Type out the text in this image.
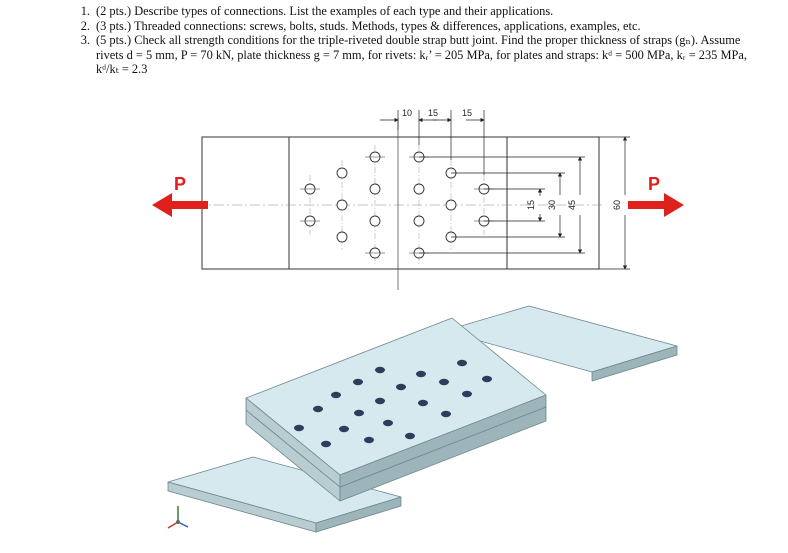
1. (2 pts.) Describe types of connections. List the examples of each type and their applications.
2. (3 pts.) Threaded connections: screws, bolts, studs. Methods, types & differences, applications, examples, etc.
3. (5 pts.) Check all strength conditions for the triple-riveted double strap butt joint. Find the proper thickness of straps (gₙ). Assume rivets d = 5 mm, P = 70 kN, plate thickness g = 7 mm, for rivets: kᵣ’ = 205 MPa, for plates and straps: kᵈ = 500 MPa, kᵣ = 235 MPa, kᵈ/kₜ = 2.3
10 15	15
15 30 45	60
P	P
